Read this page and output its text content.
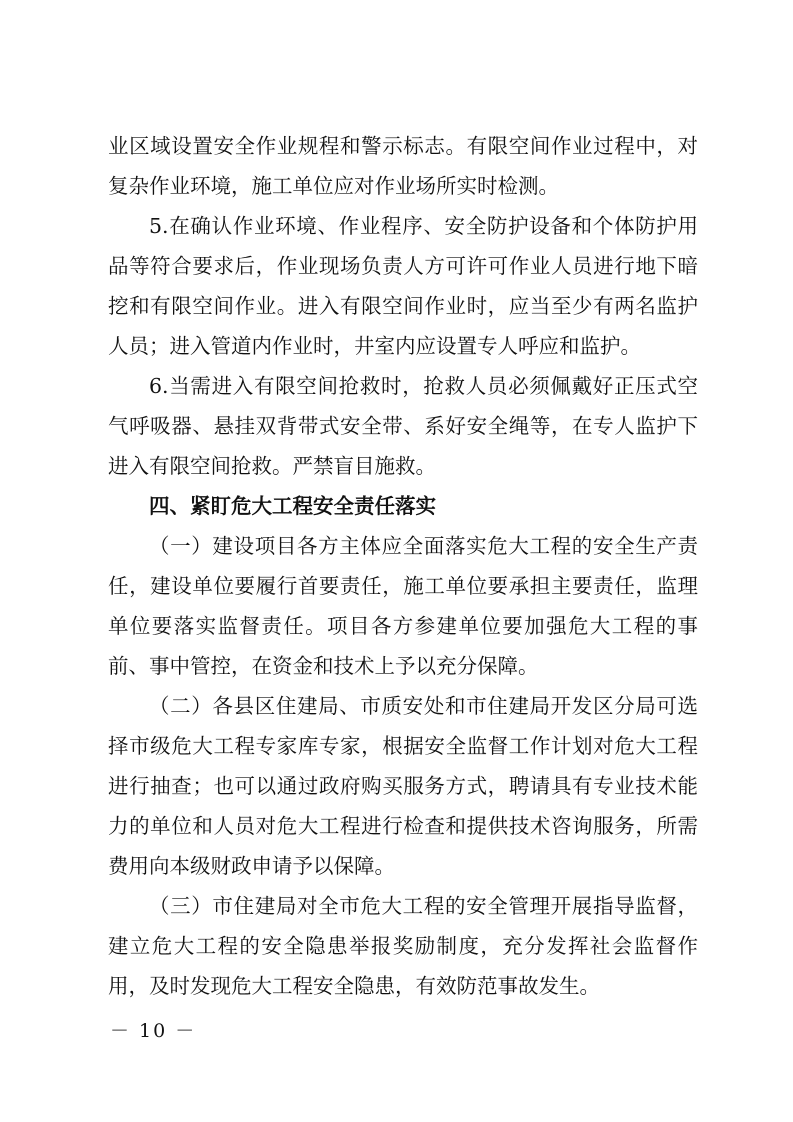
业区域设置安全作业规程和警示标志。有限空间作业过程中，对复杂作业环境，施工单位应对作业场所实时检测。

5.在确认作业环境、作业程序、安全防护设备和个体防护用品等符合要求后，作业现场负责人方可许可作业人员进行地下暗挖和有限空间作业。进入有限空间作业时，应当至少有两名监护人员；进入管道内作业时，井室内应设置专人呼应和监护。

6.当需进入有限空间抢救时，抢救人员必须佩戴好正压式空气呼吸器、悬挂双背带式安全带、系好安全绳等，在专人监护下进入有限空间抢救。严禁盲目施救。

四、紧盯危大工程安全责任落实

（一）建设项目各方主体应全面落实危大工程的安全生产责任，建设单位要履行首要责任，施工单位要承担主要责任，监理单位要落实监督责任。项目各方参建单位要加强危大工程的事前、事中管控，在资金和技术上予以充分保障。

（二）各县区住建局、市质安处和市住建局开发区分局可选择市级危大工程专家库专家，根据安全监督工作计划对危大工程进行抽查；也可以通过政府购买服务方式，聘请具有专业技术能力的单位和人员对危大工程进行检查和提供技术咨询服务，所需费用向本级财政申请予以保障。

（三）市住建局对全市危大工程的安全管理开展指导监督，建立危大工程的安全隐患举报奖励制度，充分发挥社会监督作用，及时发现危大工程安全隐患，有效防范事故发生。

－ 10 －
